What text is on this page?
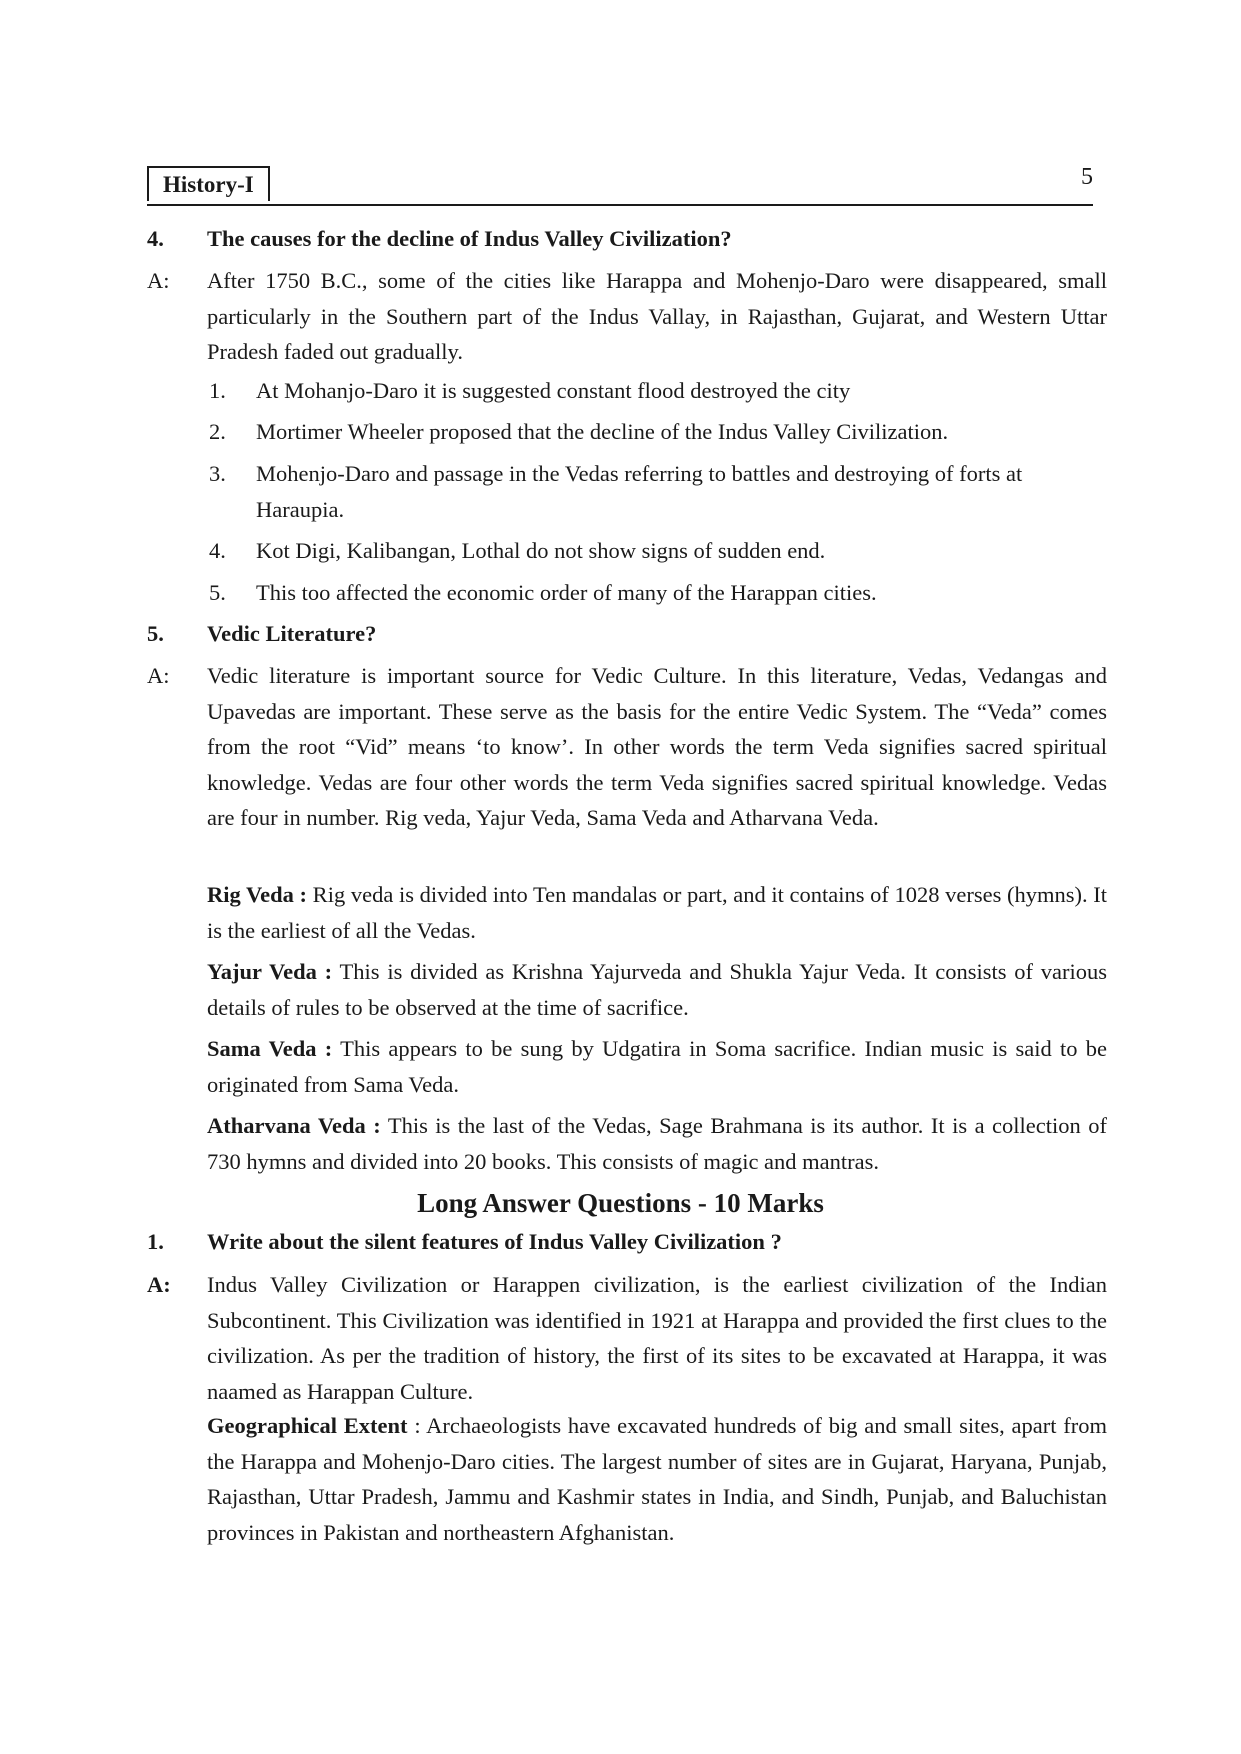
History-I	5
4. The causes for the decline of Indus Valley Civilization?
A: After 1750 B.C., some of the cities like Harappa and Mohenjo-Daro were disappeared, small particularly in the Southern part of the Indus Vallay, in Rajasthan, Gujarat, and Western Uttar Pradesh faded out gradually.
1. At Mohanjo-Daro it is suggested constant flood destroyed the city
2. Mortimer Wheeler proposed that the decline of the Indus Valley Civilization.
3. Mohenjo-Daro and passage in the Vedas referring to battles and destroying of forts at Haraupia.
4. Kot Digi, Kalibangan, Lothal do not show signs of sudden end.
5. This too affected the economic order of many of the Harappan cities.
5. Vedic Literature?
A: Vedic literature is important source for Vedic Culture. In this literature, Vedas, Vedangas and Upavedas are important. These serve as the basis for the entire Vedic System. The “Veda” comes from the root “Vid” means ‘to know’. In other words the term Veda signifies sacred spiritual knowledge. Vedas are four other words the term Veda signifies sacred spiritual knowledge. Vedas are four in number. Rig veda, Yajur Veda, Sama Veda and Atharvana Veda.
Rig Veda : Rig veda is divided into Ten mandalas or part, and it contains of 1028 verses (hymns). It is the earliest of all the Vedas.
Yajur Veda : This is divided as Krishna Yajurveda and Shukla Yajur Veda. It consists of various details of rules to be observed at the time of sacrifice.
Sama Veda : This appears to be sung by Udgatira in Soma sacrifice. Indian music is said to be originated from Sama Veda.
Atharvana Veda : This is the last of the Vedas, Sage Brahmana is its author. It is a collection of 730 hymns and divided into 20 books. This consists of magic and mantras.
Long Answer Questions - 10 Marks
1. Write about the silent features of Indus Valley Civilization ?
A: Indus Valley Civilization or Harappen civilization, is the earliest civilization of the Indian Subcontinent. This Civilization was identified in 1921 at Harappa and provided the first clues to the civilization. As per the tradition of history, the first of its sites to be excavated at Harappa, it was naamed as Harappan Culture.
Geographical Extent : Archaeologists have excavated hundreds of big and small sites, apart from the Harappa and Mohenjo-Daro cities. The largest number of sites are in Gujarat, Haryana, Punjab, Rajasthan, Uttar Pradesh, Jammu and Kashmir states in India, and Sindh, Punjab, and Baluchistan provinces in Pakistan and northeastern Afghanistan.
